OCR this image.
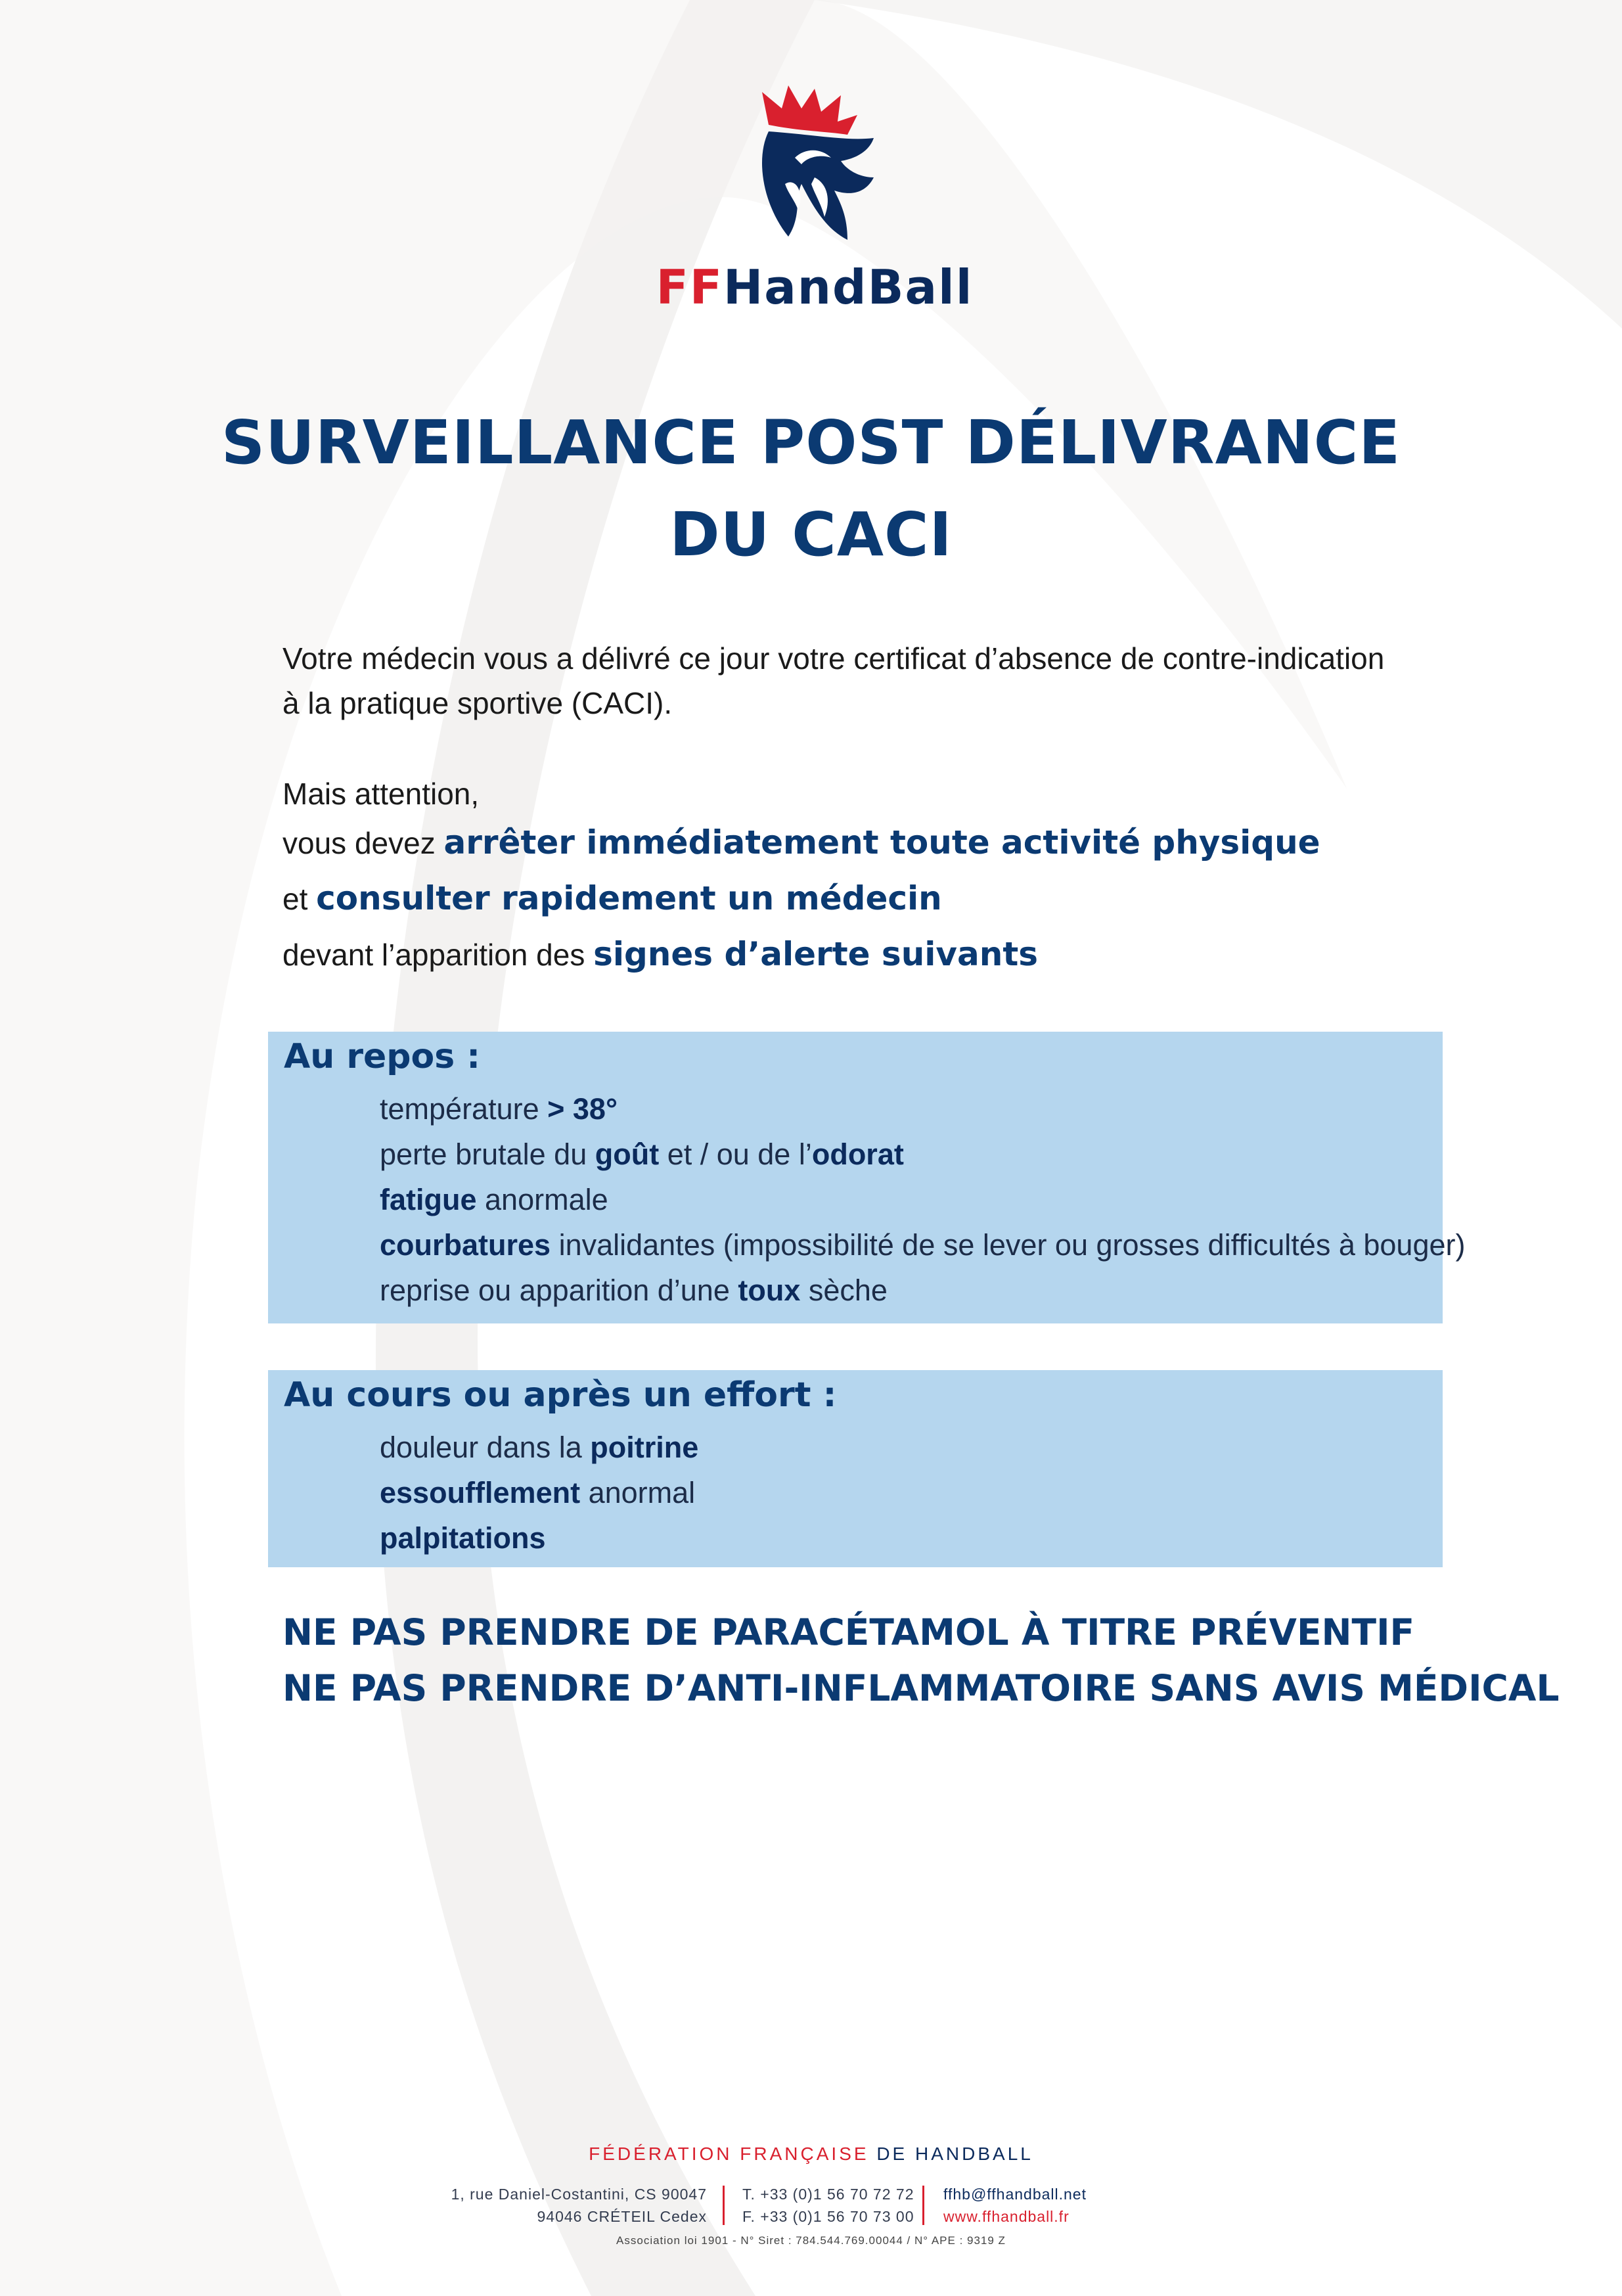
FFHandBall
SURVEILLANCE POST DÉLIVRANCE
DU CACI
Votre médecin vous a délivré ce jour votre certificat d’absence de contre-indication
à la pratique sportive (CACI).
Mais attention,
vous devez arrêter immédiatement toute activité physique
et consulter rapidement un médecin
devant l’apparition des signes d’alerte suivants
Au repos :
température > 38°
perte brutale du goût et / ou de l’odorat
fatigue anormale
courbatures invalidantes (impossibilité de se lever ou grosses difficultés à bouger)
reprise ou apparition d’une toux sèche
Au cours ou après un effort :
douleur dans la poitrine
essoufflement anormal
palpitations
NE PAS PRENDRE DE PARACÉTAMOL À TITRE PRÉVENTIF
NE PAS PRENDRE D’ANTI-INFLAMMATOIRE SANS AVIS MÉDICAL
FÉDÉRATION FRANÇAISE DE HANDBALL
1, rue Daniel-Costantini, CS 90047
94046 CRÉTEIL Cedex
T. +33 (0)1 56 70 72 72
F. +33 (0)1 56 70 73 00
ffhb@ffhandball.net
www.ffhandball.fr
Association loi 1901 - N° Siret : 784.544.769.00044 / N° APE : 9319 Z
